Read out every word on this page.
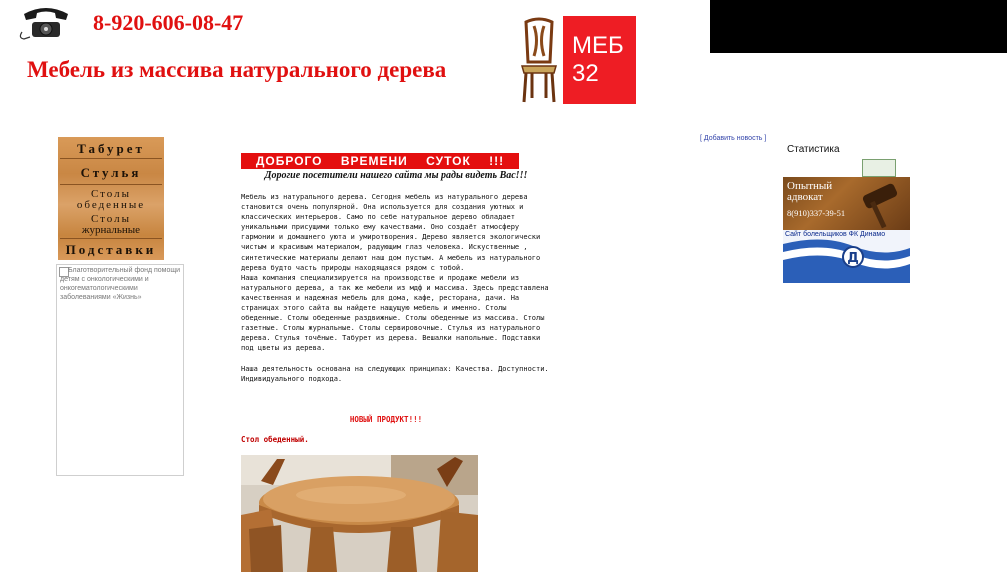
8-920-606-08-47
Мебель из массива натурального дерева
МЕБ
32
Табурет
Стулья
Столы
обеденные
Столы
журнальные
Подставки
Благотворительный фонд помощи детям с онкологическими и онкогематологическими заболеваниями «Жизнь»
ДОБРОГО ВРЕМЕНИ СУТОК !!!
Дорогие посетители нашего сайта мы рады видеть Вас!!!

Мебель из натурального дерева. Сегодня мебель из натурального дерева становится очень популярной. Она используется для создания уютных и классических интерьеров. Само по себе натуральное дерево обладает уникальными присущими только ему качествами. Оно создаёт атмосферу гармонии и домашнего уюта и умиротворения. Дерево является экологически чистым и красивым материалом, радующим глаз человека. Искуственные , синтетические материалы делают наш дом пустым. А мебель из натурального дерева будто часть природы находящаяся рядом с тобой.

Наша компания специализируется на производстве и продаже мебели из натурального дерева, а так же мебели из мдф и массива. Здесь представлена качественная и надежная мебель для дома, кафе, ресторана, дачи. На страницах этого сайта вы найдете нащущую мебель и именно. Столы обеденные. Столы обеденные раздвижные. Столы обеденные из массива. Столы газетные. Столы журнальные. Столы сервировочные. Стулья из натурального дерева. Стулья точёные. Табурет из дерева. Вешалки напольные. Подставки под цветы из дерева.

Наша деятельность основана на следующих принципах: Качества. Доступности. Индивидуального подхода.

НОВЫЙ ПРОДУКТ!!!
Стол обеденный.
[ Добавить новость ]
Статистика
Опытный адвокат
8(910)337-39-51
Д
Сайт болельщиков ФК Динамо
